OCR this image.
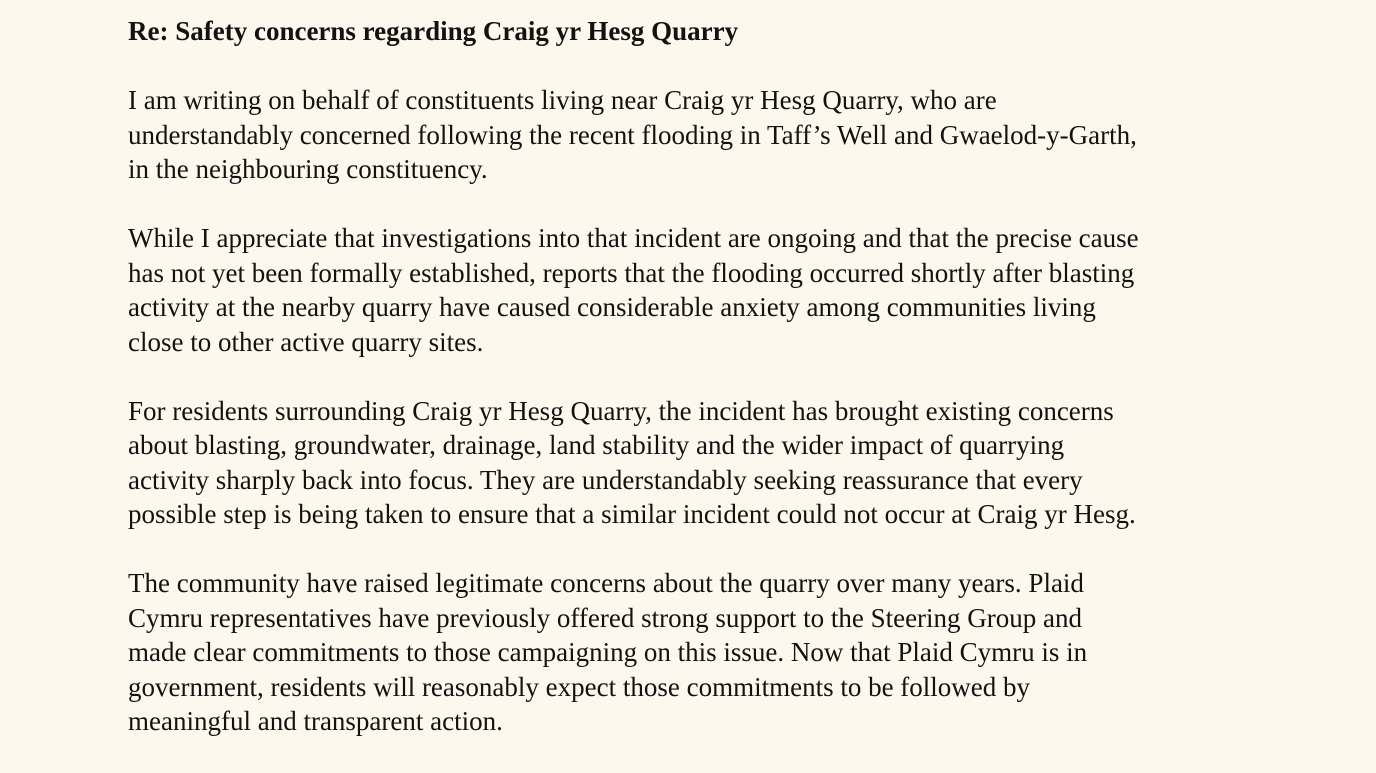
Re: Safety concerns regarding Craig yr Hesg Quarry

I am writing on behalf of constituents living near Craig yr Hesg Quarry, who are
understandably concerned following the recent flooding in Taff’s Well and Gwaelod-y-Garth,
in the neighbouring constituency.

While I appreciate that investigations into that incident are ongoing and that the precise cause
has not yet been formally established, reports that the flooding occurred shortly after blasting
activity at the nearby quarry have caused considerable anxiety among communities living
close to other active quarry sites.

For residents surrounding Craig yr Hesg Quarry, the incident has brought existing concerns
about blasting, groundwater, drainage, land stability and the wider impact of quarrying
activity sharply back into focus. They are understandably seeking reassurance that every
possible step is being taken to ensure that a similar incident could not occur at Craig yr Hesg.

The community have raised legitimate concerns about the quarry over many years. Plaid
Cymru representatives have previously offered strong support to the Steering Group and
made clear commitments to those campaigning on this issue. Now that Plaid Cymru is in
government, residents will reasonably expect those commitments to be followed by
meaningful and transparent action.
